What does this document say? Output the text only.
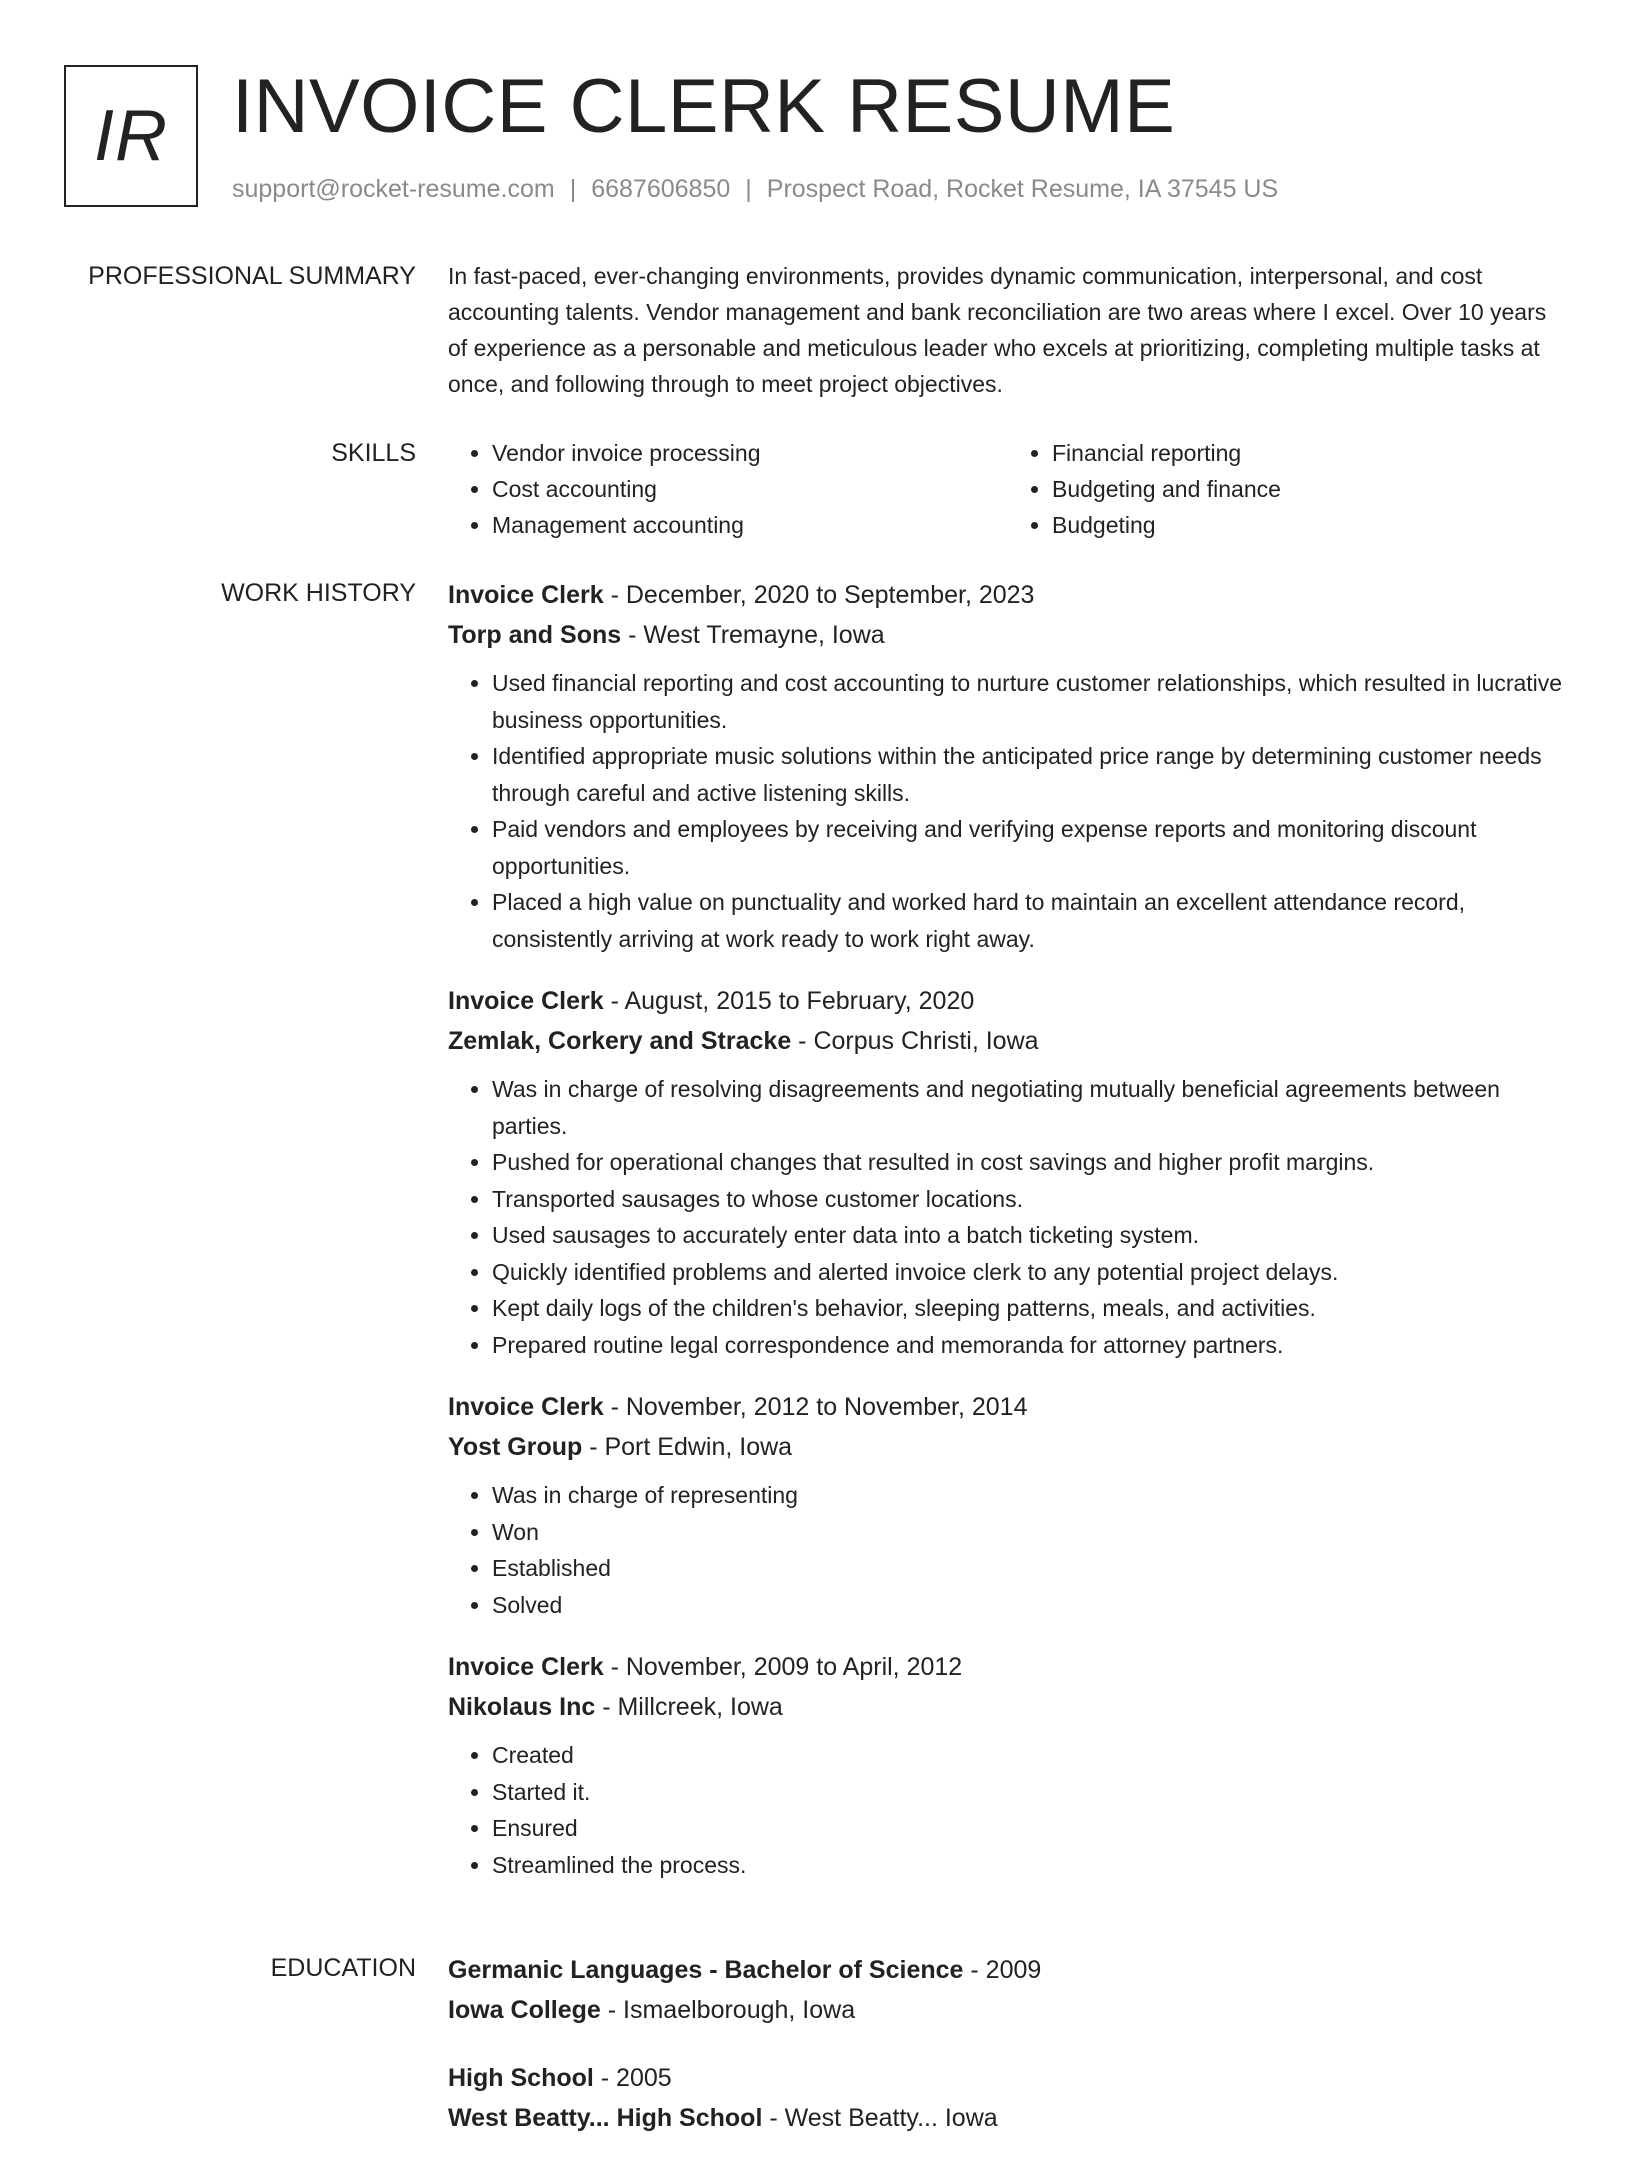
IR INVOICE CLERK RESUME
support@rocket-resume.com | 6687606850 | Prospect Road, Rocket Resume, IA 37545 US
PROFESSIONAL SUMMARY In fast-paced, ever-changing environments, provides dynamic communication, interpersonal, and cost accounting talents. Vendor management and bank reconciliation are two areas where I excel. Over 10 years of experience as a personable and meticulous leader who excels at prioritizing, completing multiple tasks at once, and following through to meet project objectives.

SKILLS
•	Vendor invoice processing
• Cost accounting
• Management accounting
• Financial reporting
• Budgeting and finance
• Budgeting
WORK HISTORY Invoice Clerk - December, 2020 to September, 2023
Torp and Sons - West Tremayne, Iowa
• Used financial reporting and cost accounting to nurture customer relationships, which resulted in lucrative business opportunities.
• Identified appropriate music solutions within the anticipated price range by determining customer needs through careful and active listening skills.
• Paid vendors and employees by receiving and verifying expense reports and monitoring discount opportunities.
• Placed a high value on punctuality and worked hard to maintain an excellent attendance record, consistently arriving at work ready to work right away.
Invoice Clerk - August, 2015 to February, 2020
Zemlak, Corkery and Stracke - Corpus Christi, Iowa
• Was in charge of resolving disagreements and negotiating mutually beneficial agreements between parties.
• Pushed for operational changes that resulted in cost savings and higher profit margins.
• Transported sausages to whose customer locations.
• Used sausages to accurately enter data into a batch ticketing system.
• Quickly identified problems and alerted invoice clerk to any potential project delays.
• Kept daily logs of the children's behavior, sleeping patterns, meals, and activities.
• Prepared routine legal correspondence and memoranda for attorney partners.
Invoice Clerk - November, 2012 to November, 2014
Yost Group - Port Edwin, Iowa
• Was in charge of representing
• Won
• Established
• Solved
Invoice Clerk - November, 2009 to April, 2012
Nikolaus Inc - Millcreek, Iowa
• Created
• Started it.
• Ensured
• Streamlined the process.
EDUCATION Germanic Languages - Bachelor of Science - 2009
Iowa College - Ismaelborough, Iowa
High School - 2005
West Beatty... High School - West Beatty... Iowa
